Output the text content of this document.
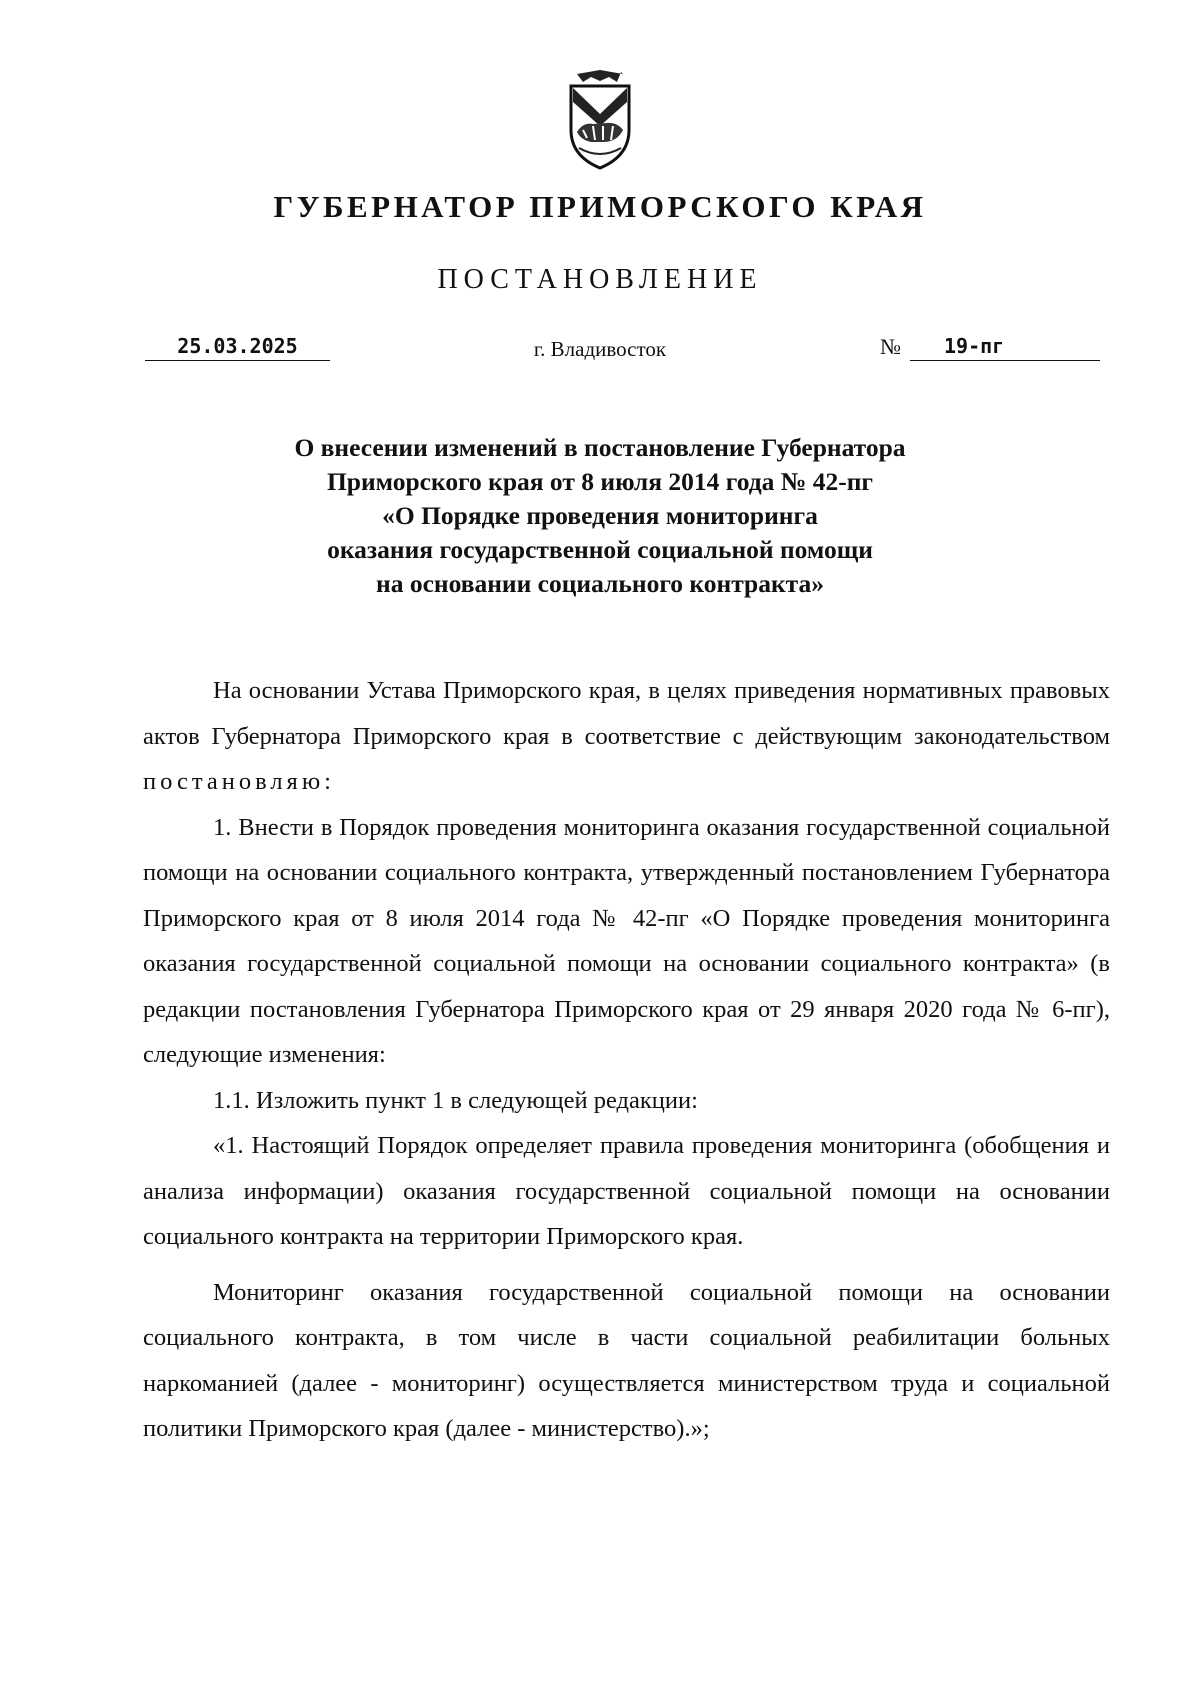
ГУБЕРНАТОР ПРИМОРСКОГО КРАЯ
ПОСТАНОВЛЕНИЕ
25.03.2025	г. Владивосток	№	19-пг
О внесении изменений в постановление Губернатора
Приморского края от 8 июля 2014 года № 42-пг
«О Порядке проведения мониторинга
оказания государственной социальной помощи
на основании социального контракта»

На основании Устава Приморского края, в целях приведения нормативных правовых актов Губернатора Приморского края в соответствие с действующим законодательством постановляю:

1. Внести в Порядок проведения мониторинга оказания государственной социальной помощи на основании социального контракта, утвержденный постановлением Губернатора Приморского края от 8 июля 2014 года № 42-пг «О Порядке проведения мониторинга оказания государственной социальной помощи на основании социального контракта» (в редакции постановления Губернатора Приморского края от 29 января 2020 года № 6-пг), следующие изменения:

1.1. Изложить пункт 1 в следующей редакции:

«1. Настоящий Порядок определяет правила проведения мониторинга (обобщения и анализа информации) оказания государственной социальной помощи на основании социального контракта на территории Приморского края.

Мониторинг оказания государственной социальной помощи на основании социального контракта, в том числе в части социальной реабилитации больных наркоманией (далее - мониторинг) осуществляется министерством труда и социальной политики Приморского края (далее - министерство).»;
